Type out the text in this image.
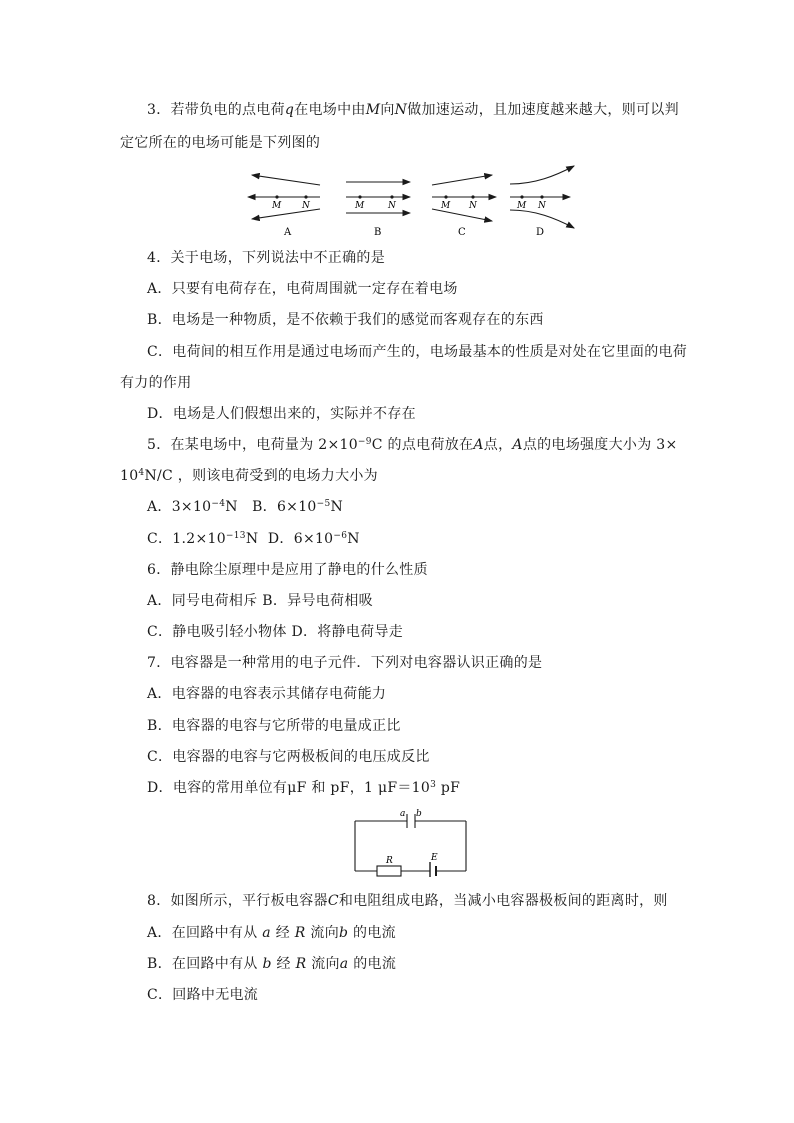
3．若带负电的点电荷q在电场中由M向N做加速运动，且加速度越来越大，则可以判
定它所在的电场可能是下列图的
M N
A
M	N
B
M N
C
M N
D
4．关于电场，下列说法中不正确的是
A．只要有电荷存在，电荷周围就一定存在着电场
B．电场是一种物质，是不依赖于我们的感觉而客观存在的东西
C．电荷间的相互作用是通过电场而产生的，电场最基本的性质是对处在它里面的电荷
有力的作用
D．电场是人们假想出来的，实际并不存在
5．在某电场中，电荷量为 $2\times 10^{-9}C$ 的点电荷放在A点，A点的电场强度大小为 3×
$10^4N/C$ ，则该电荷受到的电场力大小为
A．$3\times 10^{-4}N$ B．$6\times 10^{-5}N$
C．$1.2\times 10^{-13}N$ D．$6\times 10^{-6}N$
6．静电除尘原理中是应用了静电的什么性质
A．同号电荷相斥 B．异号电荷相吸
C．静电吸引轻小物体 D．将静电荷导走
7．电容器是一种常用的电子元件．下列对电容器认识正确的是
A．电容器的电容表示其储存电荷能力
B．电容器的电容与它所带的电量成正比
C．电容器的电容与它两极板间的电压成反比
D．电容的常用单位有μF 和 pF，1 $\mu F=10^3$ pF
a b
R	E
8．如图所示，平行板电容器C和电阻组成电路，当减小电容器极板间的距离时，则
A．在回路中有从 a 经 R 流向b 的电流
B．在回路中有从 b 经 R 流向a 的电流
C．回路中无电流
